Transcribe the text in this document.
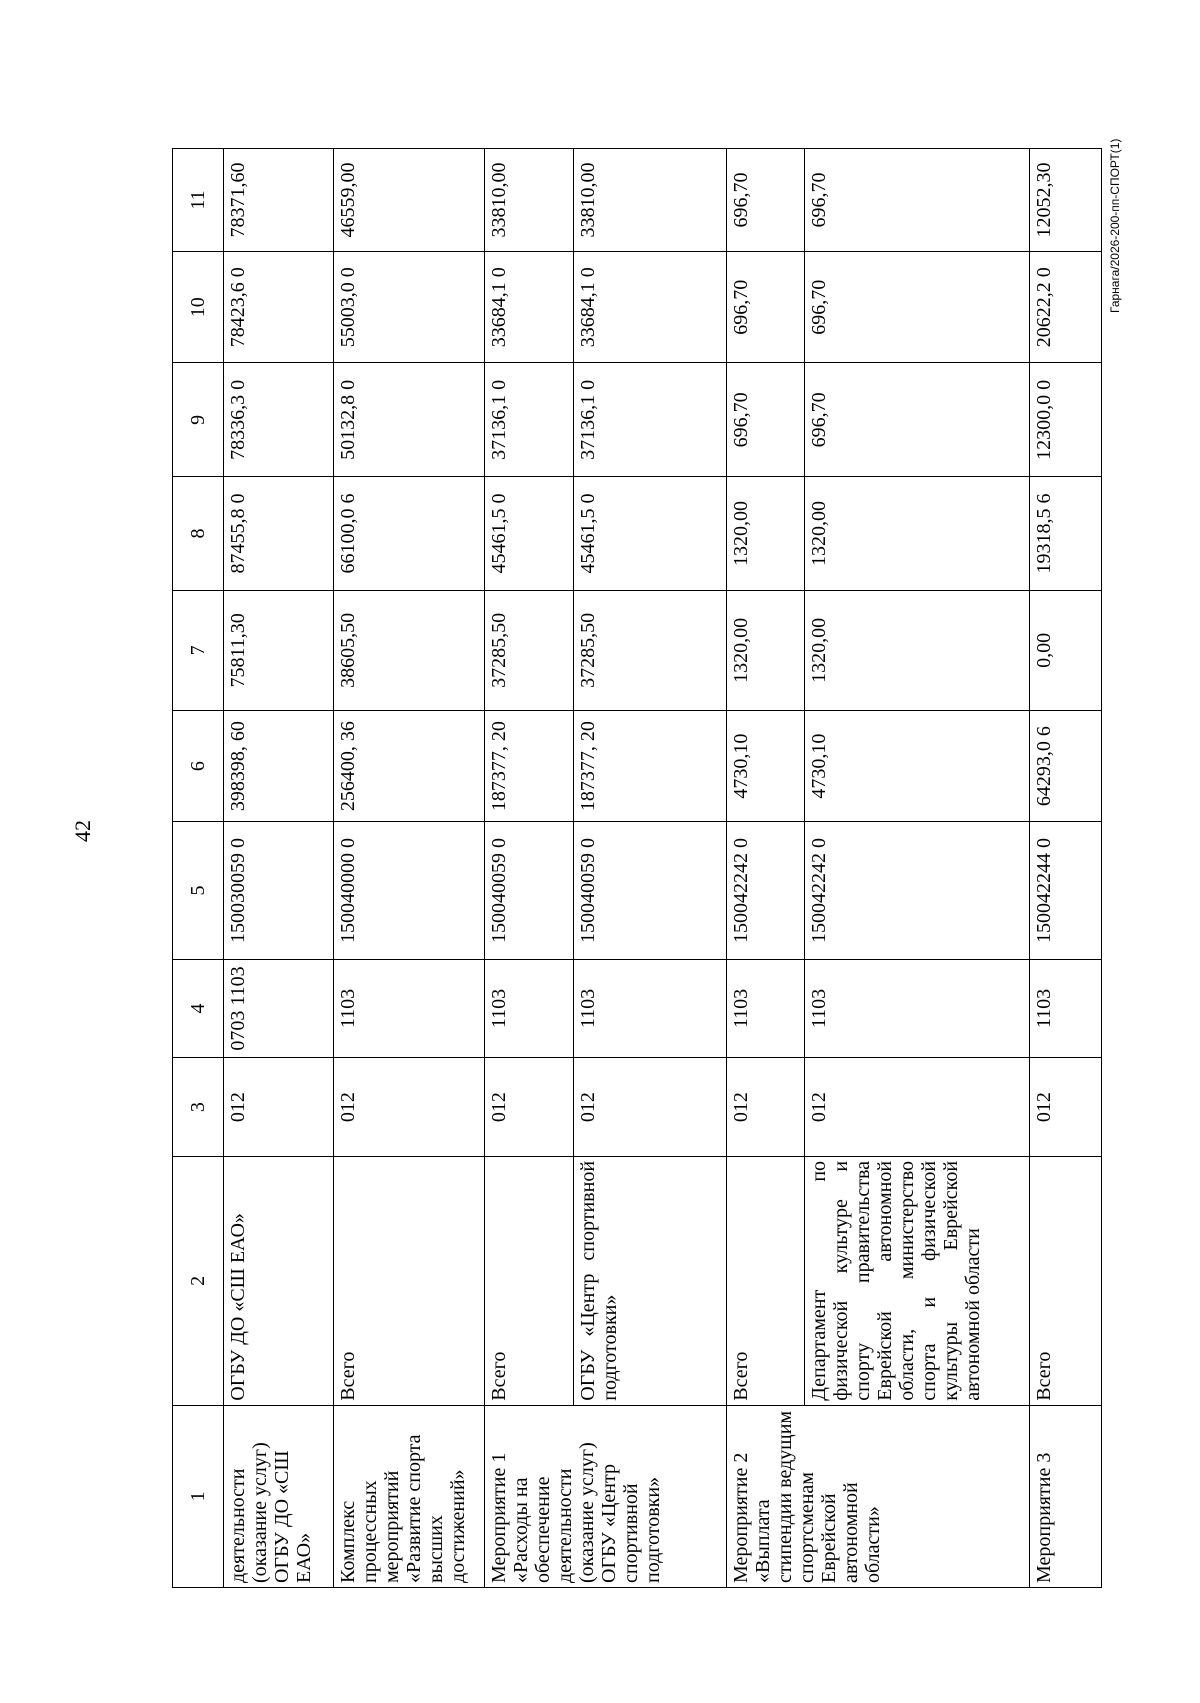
42
Гарнага/2026-200-пп-СПОРТ(1)
1	2	3	4	5	6	7	8	9	10	11
деятельности (оказание услуг) ОГБУ ДО «СШ ЕАО»	ОГБУ ДО «СШ ЕАО»	012	0703 1103	150030059 0	398398, 60	75811,30	87455,8 0	78336,3 0	78423,6 0	78371,60
Комплекс процессных мероприятий «Развитие спорта высших достижений»	Всего	012	1103	150040000 0	256400, 36	38605,50	66100,0 6	50132,8 0	55003,0 0	46559,00
Мероприятие 1 «Расходы на обеспечение деятельности (оказание услуг) ОГБУ «Центр спортивной подготовки»	Всего	012	1103	150040059 0	187377, 20	37285,50	45461,5 0	37136,1 0	33684,1 0	33810,00
	ОГБУ «Центр спортивной подготовки»	012	1103	150040059 0	187377, 20	37285,50	45461,5 0	37136,1 0	33684,1 0	33810,00
Мероприятие 2 «Выплата стипендии ведущим спортсменам Еврейской автономной области»	Всего	012	1103	150042242 0	4730,10	1320,00	1320,00	696,70	696,70	696,70
	Департамент по физической культуре и спорту правительства Еврейской автономной области, министерство спорта и физической культуры Еврейской автономной области	012	1103	150042242 0	4730,10	1320,00	1320,00	696,70	696,70	696,70
Мероприятие 3	Всего	012	1103	150042244 0	64293,0 6	0,00	19318,5 6	12300,0 0	20622,2 0	12052,30
